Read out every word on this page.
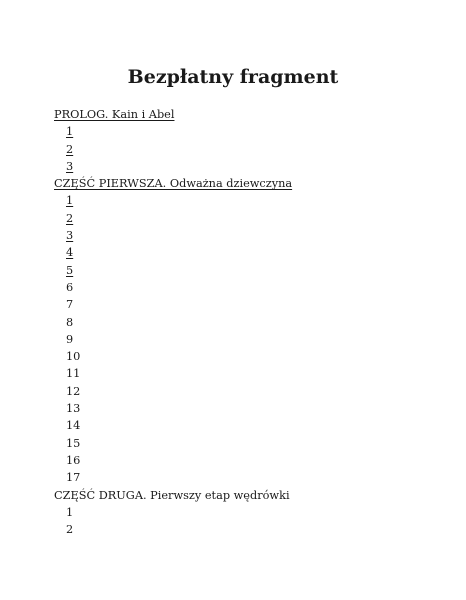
Bezpłatny fragment
PROLOG. Kain i Abel
1
2
3
CZĘŚĆ PIERWSZA. Odważna dziewczyna
1
2
3
4
5
6
7
8
9
10
11
12
13
14
15
16
17
CZĘŚĆ DRUGA. Pierwszy etap wędrówki
1
2
